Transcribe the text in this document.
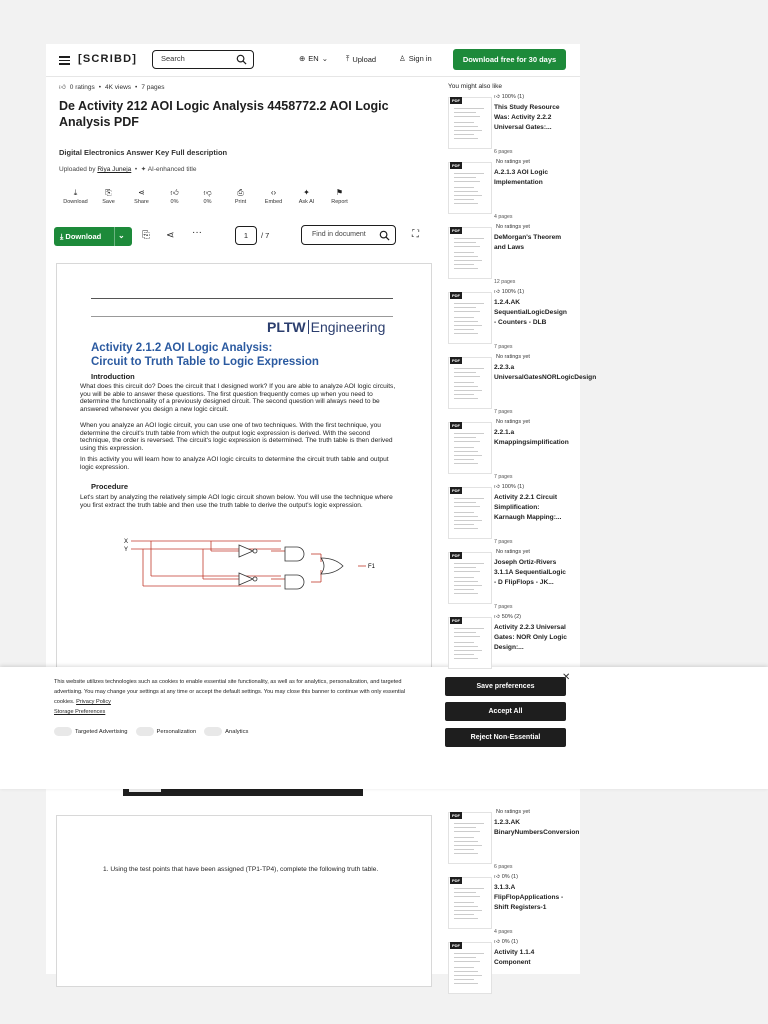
[SCRIBD]	Search	⊕ EN ⌄ ⤒ Upload	♙ Sign in	Download free for 30 days
👍︎ 0 ratings • 4K views • 7 pages
De Activity 212 AOI Logic Analysis 4458772.2 AOI Logic Analysis PDF
Digital Electronics Answer Key Full description
Uploaded by Riya Juneja  •  ✦ AI-enhanced title
⤓
Download
⎘
Save
⋖
Share
👍︎
0%
👎︎
0%
⎙
Print
‹›
Embed
✦
Ask AI
⚑
Report
⤓ Download ⌄ ⎘ ⋖ ···	1	/ 7	Find in document	⛶
PLTW Engineering
Activity 2.1.2 AOI Logic Analysis:
Circuit to Truth Table to Logic Expression
Introduction
What does this circuit do? Does the circuit that I designed work? If you are able to analyze AOI logic circuits, you will be able to answer these questions. The first question frequently comes up when you need to determine the functionality of a previously designed circuit. The second question will always need to be answered whenever you design a new logic circuit.
When you analyze an AOI logic circuit, you can use one of two techniques. With the first technique, you determine the circuit's truth table from which the output logic expression is derived. With the second technique, the order is reversed. The circuit's logic expression is determined. The truth table is then derived using this expression.
In this activity you will learn how to analyze AOI logic circuits to determine the circuit truth table and output logic expression.
Procedure
Let's start by analyzing the relatively simple AOI logic circuit shown below. You will use the technique where you first extract the truth table and then use the truth table to derive the output's logic expression.
X
Y
F1
1. Using the test points that have been assigned (TP1-TP4), complete the following truth table.
This website utilizes technologies such as cookies to enable essential site functionality, as well as for analytics, personalization, and targeted advertising. You may change your settings at any time or accept the default settings. You may close this banner to continue with only essential cookies. Privacy Policy
Storage Preferences
Targeted Advertising	Personalization	Analytics
Save preferences
Accept All
Reject Non-Essential
✕
You might also like
PDF
👍︎ 100% (1)
This Study Resource Was: Activity 2.2.2 Universal Gates:...
6 pages
PDF
No ratings yet
A.2.1.3 AOI Logic Implementation
4 pages
PDF
No ratings yet
DeMorgan's Theorem and Laws
12 pages
PDF
👍︎ 100% (1)
1.2.4.AK SequentialLogicDesign - Counters - DLB
7 pages
PDF
No ratings yet
2.2.3.a UniversalGatesNORLogicDesign
7 pages
PDF
No ratings yet
2.2.1.a Kmappingsimplification
7 pages
PDF
👍︎ 100% (1)
Activity 2.2.1 Circuit Simplification: Karnaugh Mapping:...
7 pages
PDF
No ratings yet
Joseph Ortiz-Rivers 3.1.1A SequentialLogic - D FlipFlops - JK...
7 pages
PDF
👍︎ 50% (2)
Activity 2.2.3 Universal Gates: NOR Only Logic Design:...
PDF
No ratings yet
1.2.3.AK BinaryNumbersConversion
6 pages
PDF
👍︎ 0% (1)
3.1.3.A FlipFlopApplications - Shift Registers-1
4 pages
PDF
👍︎ 0% (1)
Activity 1.1.4 Component
